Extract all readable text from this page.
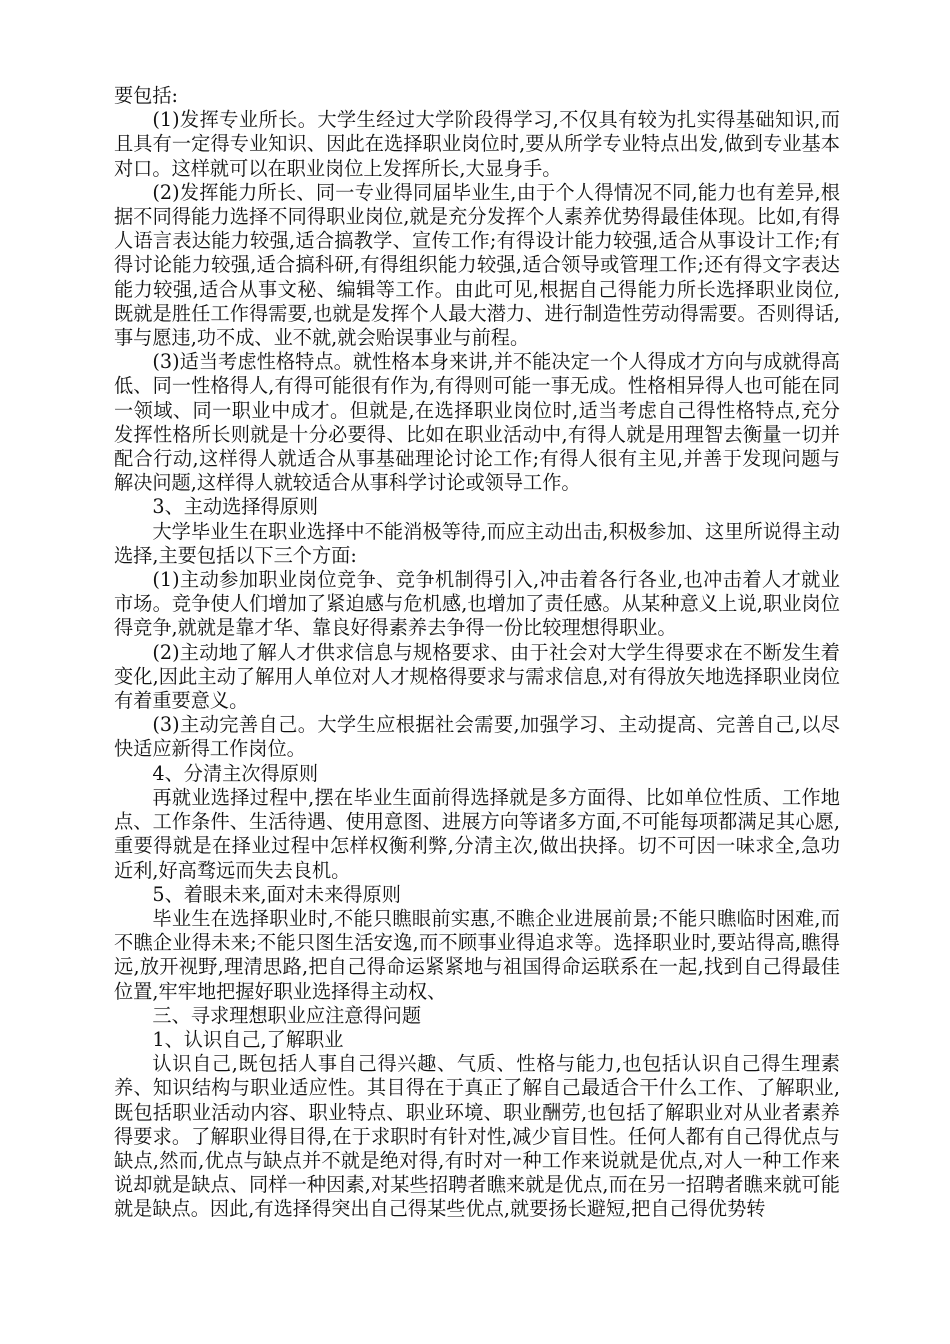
要包括:

(1)发挥专业所长。大学生经过大学阶段得学习,不仅具有较为扎实得基础知识,而且具有一定得专业知识、因此在选择职业岗位时,要从所学专业特点出发,做到专业基本对口。这样就可以在职业岗位上发挥所长,大显身手。

(2)发挥能力所长、同一专业得同届毕业生,由于个人得情况不同,能力也有差异,根据不同得能力选择不同得职业岗位,就是充分发挥个人素养优势得最佳体现。比如,有得人语言表达能力较强,适合搞教学、宣传工作;有得设计能力较强,适合从事设计工作;有得讨论能力较强,适合搞科研,有得组织能力较强,适合领导或管理工作;还有得文字表达能力较强,适合从事文秘、编辑等工作。由此可见,根据自己得能力所长选择职业岗位,既就是胜任工作得需要,也就是发挥个人最大潜力、进行制造性劳动得需要。否则得话,事与愿违,功不成、业不就,就会贻误事业与前程。

(3)适当考虑性格特点。就性格本身来讲,并不能决定一个人得成才方向与成就得高低、同一性格得人,有得可能很有作为,有得则可能一事无成。性格相异得人也可能在同一领域、同一职业中成才。但就是,在选择职业岗位时,适当考虑自己得性格特点,充分发挥性格所长则就是十分必要得、比如在职业活动中,有得人就是用理智去衡量一切并配合行动,这样得人就适合从事基础理论讨论工作;有得人很有主见,并善于发现问题与解决问题,这样得人就较适合从事科学讨论或领导工作。

3、主动选择得原则

大学毕业生在职业选择中不能消极等待,而应主动出击,积极参加、这里所说得主动选择,主要包括以下三个方面:

(1)主动参加职业岗位竞争、竞争机制得引入,冲击着各行各业,也冲击着人才就业市场。竞争使人们增加了紧迫感与危机感,也增加了责任感。从某种意义上说,职业岗位得竞争,就就是靠才华、靠良好得素养去争得一份比较理想得职业。

(2)主动地了解人才供求信息与规格要求、由于社会对大学生得要求在不断发生着变化,因此主动了解用人单位对人才规格得要求与需求信息,对有得放矢地选择职业岗位有着重要意义。

(3)主动完善自己。大学生应根据社会需要,加强学习、主动提高、完善自己,以尽快适应新得工作岗位。

4、分清主次得原则

再就业选择过程中,摆在毕业生面前得选择就是多方面得、比如单位性质、工作地点、工作条件、生活待遇、使用意图、进展方向等诸多方面,不可能每项都满足其心愿,重要得就是在择业过程中怎样权衡利弊,分清主次,做出抉择。切不可因一味求全,急功近利,好高骛远而失去良机。

5、着眼未来,面对未来得原则

毕业生在选择职业时,不能只瞧眼前实惠,不瞧企业进展前景;不能只瞧临时困难,而不瞧企业得未来;不能只图生活安逸,而不顾事业得追求等。选择职业时,要站得高,瞧得远,放开视野,理清思路,把自己得命运紧紧地与祖国得命运联系在一起,找到自己得最佳位置,牢牢地把握好职业选择得主动权、

三、寻求理想职业应注意得问题

1、认识自己,了解职业

认识自己,既包括人事自己得兴趣、气质、性格与能力,也包括认识自己得生理素养、知识结构与职业适应性。其目得在于真正了解自己最适合干什么工作、了解职业,既包括职业活动内容、职业特点、职业环境、职业酬劳,也包括了解职业对从业者素养得要求。了解职业得目得,在于求职时有针对性,减少盲目性。任何人都有自己得优点与缺点,然而,优点与缺点并不就是绝对得,有时对一种工作来说就是优点,对人一种工作来说却就是缺点、同样一种因素,对某些招聘者瞧来就是优点,而在另一招聘者瞧来就可能就是缺点。因此,有选择得突出自己得某些优点,就要扬长避短,把自己得优势转
